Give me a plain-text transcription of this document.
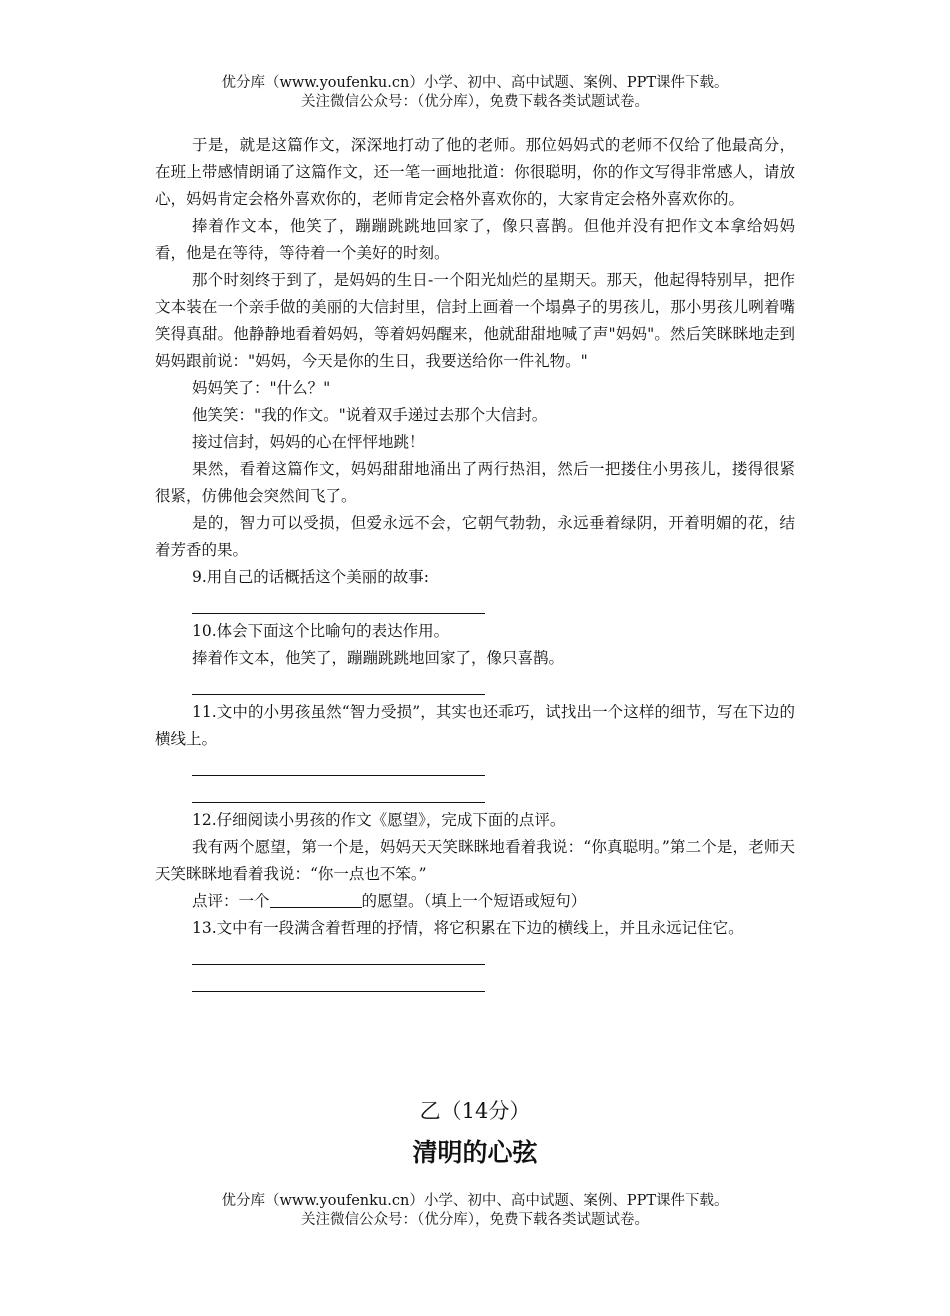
优分库（www.youfenku.cn）小学、初中、高中试题、案例、PPT课件下载。
关注微信公众号：（优分库），免费下载各类试题试卷。

于是，就是这篇作文，深深地打动了他的老师。那位妈妈式的老师不仅给了他最高分，在班上带感情朗诵了这篇作文，还一笔一画地批道：你很聪明，你的作文写得非常感人，请放心，妈妈肯定会格外喜欢你的，老师肯定会格外喜欢你的，大家肯定会格外喜欢你的。

捧着作文本，他笑了，蹦蹦跳跳地回家了，像只喜鹊。但他并没有把作文本拿给妈妈看，他是在等待，等待着一个美好的时刻。

那个时刻终于到了，是妈妈的生日-一个阳光灿烂的星期天。那天，他起得特别早，把作文本装在一个亲手做的美丽的大信封里，信封上画着一个塌鼻子的男孩儿，那小男孩儿咧着嘴笑得真甜。他静静地看着妈妈，等着妈妈醒来，他就甜甜地喊了声"妈妈"。然后笑眯眯地走到妈妈跟前说："妈妈，今天是你的生日，我要送给你一件礼物。"

妈妈笑了："什么？"

他笑笑："我的作文。"说着双手递过去那个大信封。

接过信封，妈妈的心在怦怦地跳！

果然，看着这篇作文，妈妈甜甜地涌出了两行热泪，然后一把搂住小男孩儿，搂得很紧很紧，仿佛他会突然间飞了。

是的，智力可以受损，但爱永远不会，它朝气勃勃，永远垂着绿阴，开着明媚的花，结着芳香的果。

9.用自己的话概括这个美丽的故事:

10.体会下面这个比喻句的表达作用。

捧着作文本，他笑了，蹦蹦跳跳地回家了，像只喜鹊。

11.文中的小男孩虽然“智力受损”，其实也还乖巧，试找出一个这样的细节，写在下边的横线上。

12.仔细阅读小男孩的作文《愿望》，完成下面的点评。

我有两个愿望，第一个是，妈妈天天笑眯眯地看着我说：“你真聪明。”第二个是，老师天天笑眯眯地看着我说：“你一点也不笨。”

点评：一个	的愿望。（填上一个短语或短句）

13.文中有一段满含着哲理的抒情，将它积累在下边的横线上，并且永远记住它。

乙（14分）
清明的心弦
优分库（www.youfenku.cn）小学、初中、高中试题、案例、PPT课件下载。
关注微信公众号：（优分库），免费下载各类试题试卷。
